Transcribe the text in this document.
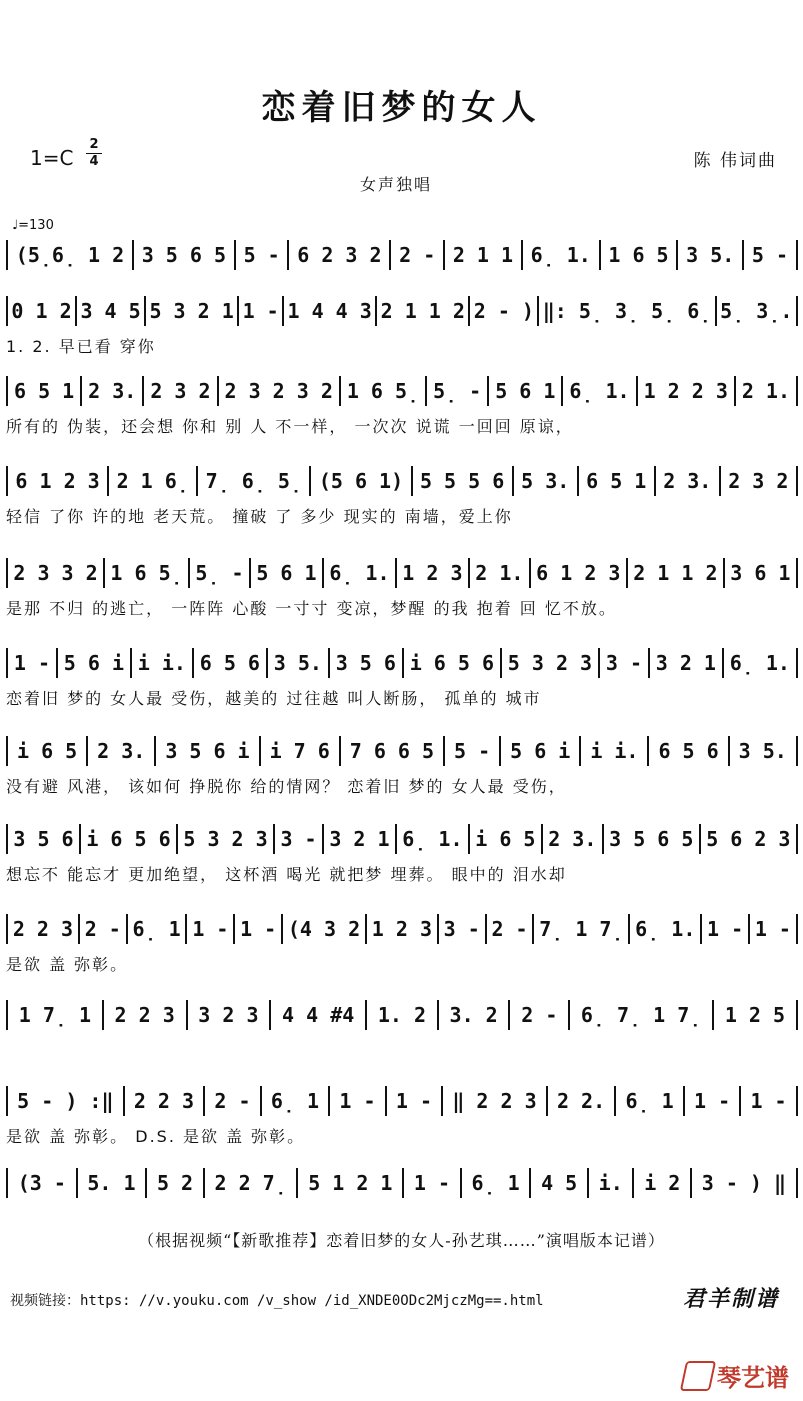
恋着旧梦的女人
1=C
2
4	陈 伟词曲
女声独唱
♩=130
(5̣6̣ 1 2 3 5 6 5 5 - 6 2 3 2 2 - 2 1 1 6̣ 1. 1 6 5 3 5. 5 -
0 1 2 3 4 5 5 3 2 1 1 - 1 4 4 3 2 1 1 2 2 - ) ‖: 5̣ 3̣ 5̣ 6̣ 5̣ 3̣.
1. 2. 早已看 穿你
6 5 1 2 3. 2 3 2 2 3 2 3 2 1 6 5̣ 5̣ - 5 6 1 6̣ 1. 1 2 2 3 2 1.
所有的 伪装，还会想 你和 别 人 不一样， 一次次 说谎 一回回 原谅，
6 1 2 3 2 1 6̣ 7̣ 6̣ 5̣ (5 6 1) 5 5 5 6 5 3. 6 5 1 2 3. 2 3 2
轻信 了你 许的地 老天荒。 撞破 了 多少 现实的 南墙，爱上你
2 3 3 2 1 6 5̣ 5̣ - 5 6 1 6̣ 1. 1 2 3 2 1. 6 1 2 3 2 1 1 2 3 6 1
是那 不归 的逃亡， 一阵阵 心酸 一寸寸 变凉，梦醒 的我 抱着 回 忆不放。
1 - 5 6 i i i. 6 5 6 3 5. 3 5 6 i 6 5 6 5 3 2 3 3 - 3 2 1 6̣ 1.
恋着旧 梦的 女人最 受伤，越美的 过往越 叫人断肠， 孤单的 城市
i 6 5 2 3. 3 5 6 i i 7 6 7 6 6 5 5 - 5 6 i i i. 6 5 6 3 5.
没有避 风港， 该如何 挣脱你 给的情网？ 恋着旧 梦的 女人最 受伤，
3 5 6 i 6 5 6 5 3 2 3 3 - 3 2 1 6̣ 1. i 6 5 2 3. 3 5 6 5 5 6 2 3
想忘不 能忘才 更加绝望， 这杯酒 喝光 就把梦 埋葬。 眼中的 泪水却
2 2 3 2 - 6̣ 1 1 - 1 - (4 3 2 1 2 3 3 - 2 - 7̣ 1 7̣ 6̣ 1. 1 - 1 -
是欲 盖 弥彰。
1 7̣ 1 2 2 3 3 2 3 4 4 #4 1. 2 3. 2 2 - 6̣ 7̣ 1 7̣ 1 2 5
5 - ) :‖ 2 2 3 2 - 6̣ 1 1 - 1 - ‖ 2 2 3 2 2. 6̣ 1 1 - 1 -
是欲 盖 弥彰。 D.S. 是欲 盖 弥彰。
(3 - 5. 1 5 2 2 2 7̣ 5 1 2 1 1 - 6̣ 1 4 5 i. i 2 3 - ) ‖
（根据视频“【新歌推荐】恋着旧梦的女人-孙艺琪……”演唱版本记谱）
视频链接：https: //v.youku.com /v_show /id_XNDE0ODc2MjczMg==.html	君羊制谱
琴艺谱
